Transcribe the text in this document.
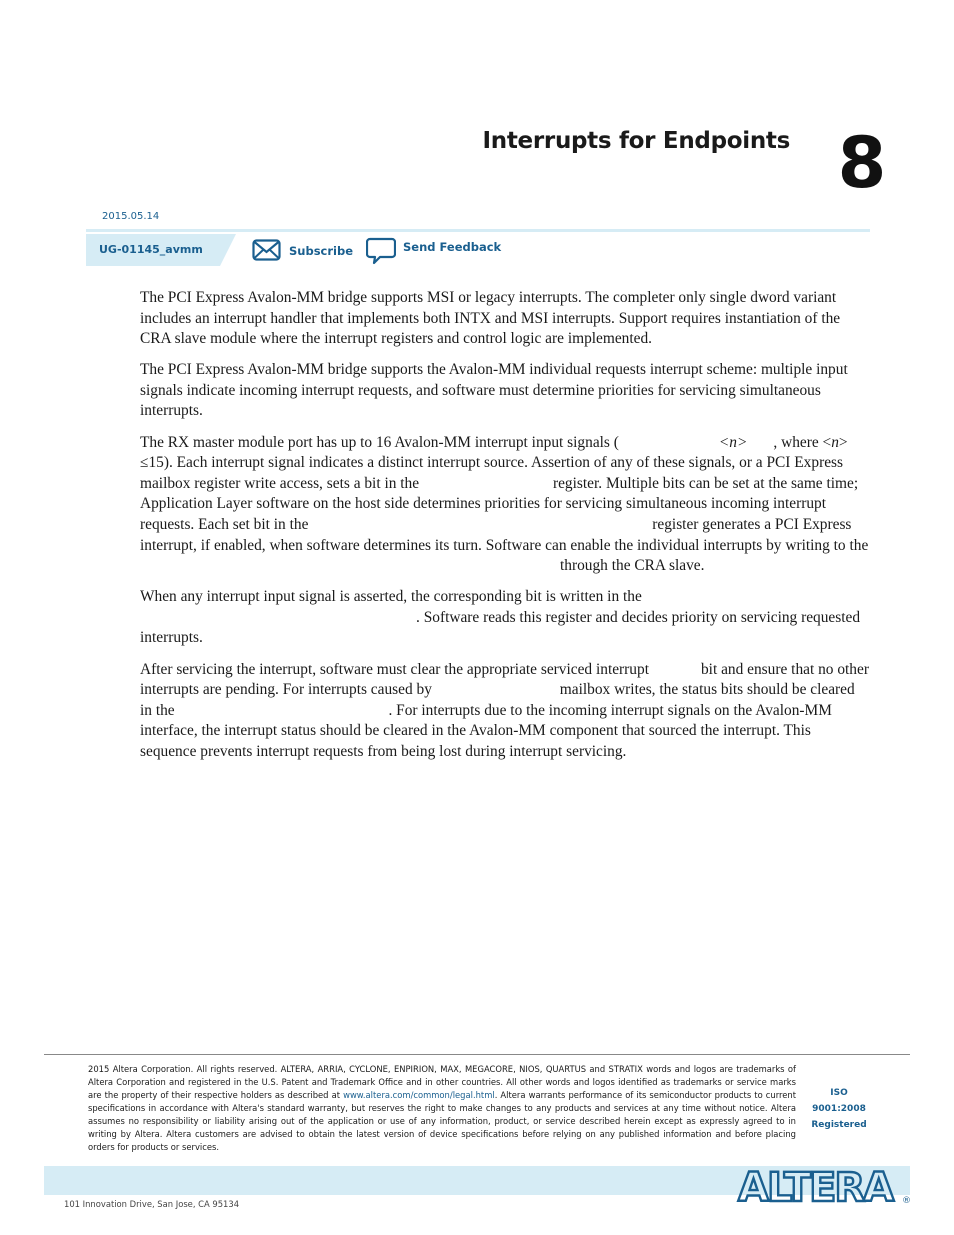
Interrupts for Endpoints 8
2015.05.14
UG-01145_avmm	Subscribe	Send Feedback

The PCI Express Avalon-MM bridge supports MSI or legacy interrupts. The completer only single dword variant includes an interrupt handler that implements both INTX and MSI interrupts. Support requires instantiation of the CRA slave module where the interrupt registers and control logic are implemented.

The PCI Express Avalon‑MM bridge supports the Avalon‑MM individual requests interrupt scheme: multiple input signals indicate incoming interrupt requests, and software must determine priorities for servicing simultaneous interrupts.

The RX master module port has up to 16 Avalon‑MM interrupt input signals (	<n> , where <n> ≤15). Each interrupt signal indicates a distinct interrupt source. Assertion of any of these signals, or a PCI Express mailbox register write access, sets a bit in the	register. Multiple bits can be set at the same time; Application Layer software on the host side determines priorities for servicing simultaneous incoming interrupt requests. Each set bit in the	register generates a PCI Express interrupt, if enabled, when software determines its turn. Software can enable the individual interrupts by writing to the through the CRA slave.

When any interrupt input signal is asserted, the corresponding bit is written in the . Software reads this register and decides priority on servicing requested interrupts.

After servicing the interrupt, software must clear the appropriate serviced interrupt	bit and ensure that no other interrupts are pending. For interrupts caused by	mailbox writes, the status bits should be cleared in the	. For interrupts due to the incoming interrupt signals on the Avalon‑MM interface, the interrupt status should be cleared in the Avalon‑MM component that sourced the interrupt. This sequence prevents interrupt requests from being lost during interrupt servicing.

2015 Altera Corporation. All rights reserved. ALTERA, ARRIA, CYCLONE, ENPIRION, MAX, MEGACORE, NIOS, QUARTUS and STRATIX words and logos are trademarks of Altera Corporation and registered in the U.S. Patent and Trademark Office and in other countries. All other words and logos identified as trademarks or service marks are the property of their respective holders as described at www.altera.com/common/legal.html. Altera warrants performance of its semiconductor products to current specifications in accordance with Altera's standard warranty, but reserves the right to make changes to any products and services at any time without notice. Altera assumes no responsibility or liability arising out of the application or use of any information, product, or service described herein except as expressly agreed to in writing by Altera. Altera customers are advised to obtain the latest version of device specifications before relying on any published information and before placing orders for products or services.
ISO
9001:2008
Registered
ALTERA ®
101 Innovation Drive, San Jose, CA 95134
